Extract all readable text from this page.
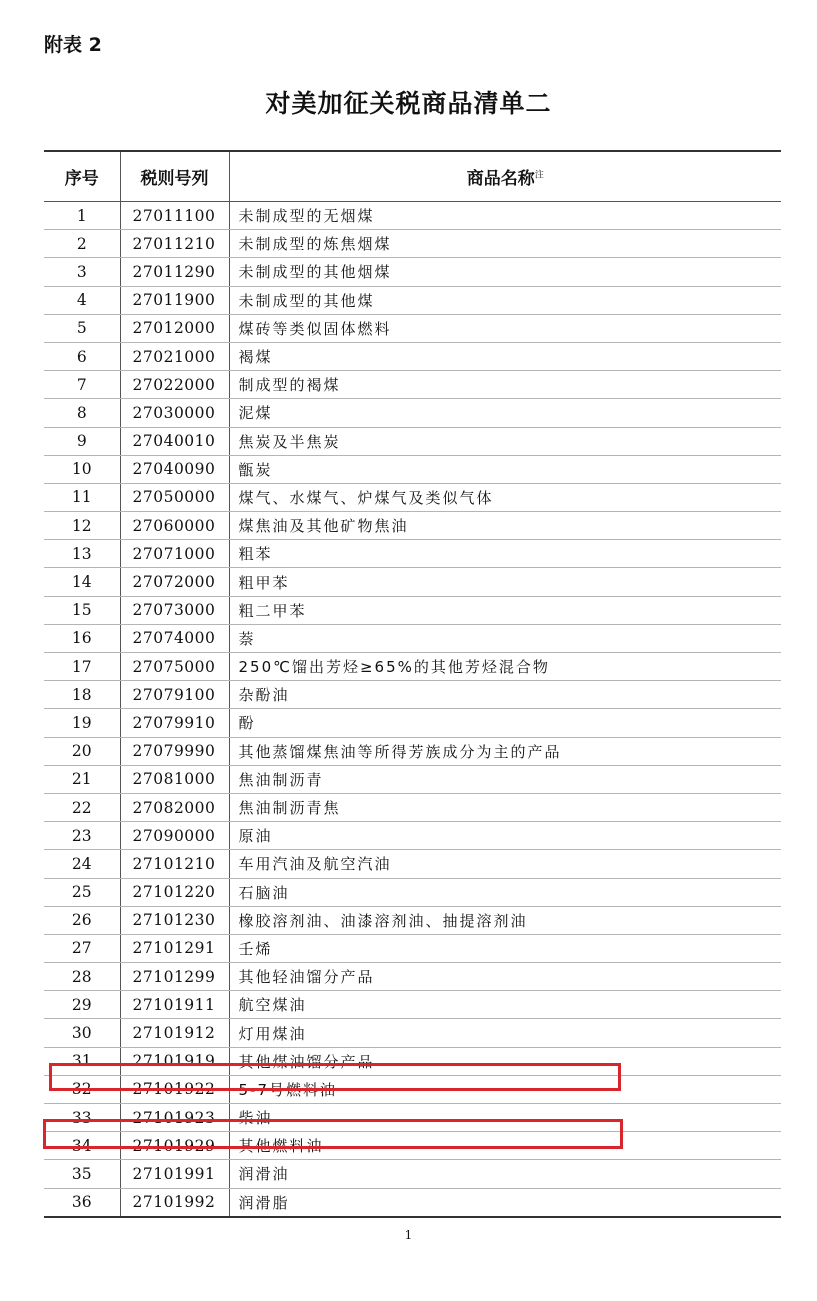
附表 2
对美加征关税商品清单二
序号	税则号列	商品名称$^注$
1	27011100	未制成型的无烟煤
2	27011210	未制成型的炼焦烟煤
3	27011290	未制成型的其他烟煤
4	27011900	未制成型的其他煤
5	27012000	煤砖等类似固体燃料
6	27021000	褐煤
7	27022000	制成型的褐煤
8	27030000	泥煤
9	27040010	焦炭及半焦炭
10	27040090	甑炭
11	27050000	煤气、水煤气、炉煤气及类似气体
12	27060000	煤焦油及其他矿物焦油
13	27071000	粗苯
14	27072000	粗甲苯
15	27073000	粗二甲苯
16	27074000	萘
17	27075000	250℃馏出芳烃≥65%的其他芳烃混合物
18	27079100	杂酚油
19	27079910	酚
20	27079990	其他蒸馏煤焦油等所得芳族成分为主的产品
21	27081000	焦油制沥青
22	27082000	焦油制沥青焦
23	27090000	原油
24	27101210	车用汽油及航空汽油
25	27101220	石脑油
26	27101230	橡胶溶剂油、油漆溶剂油、抽提溶剂油
27	27101291	壬烯
28	27101299	其他轻油馏分产品
29	27101911	航空煤油
30	27101912	灯用煤油
31	27101919	其他煤油馏分产品
32	27101922	5-7号燃料油
33	27101923	柴油
34	27101929	其他燃料油
35	27101991	润滑油
36	27101992	润滑脂
1
